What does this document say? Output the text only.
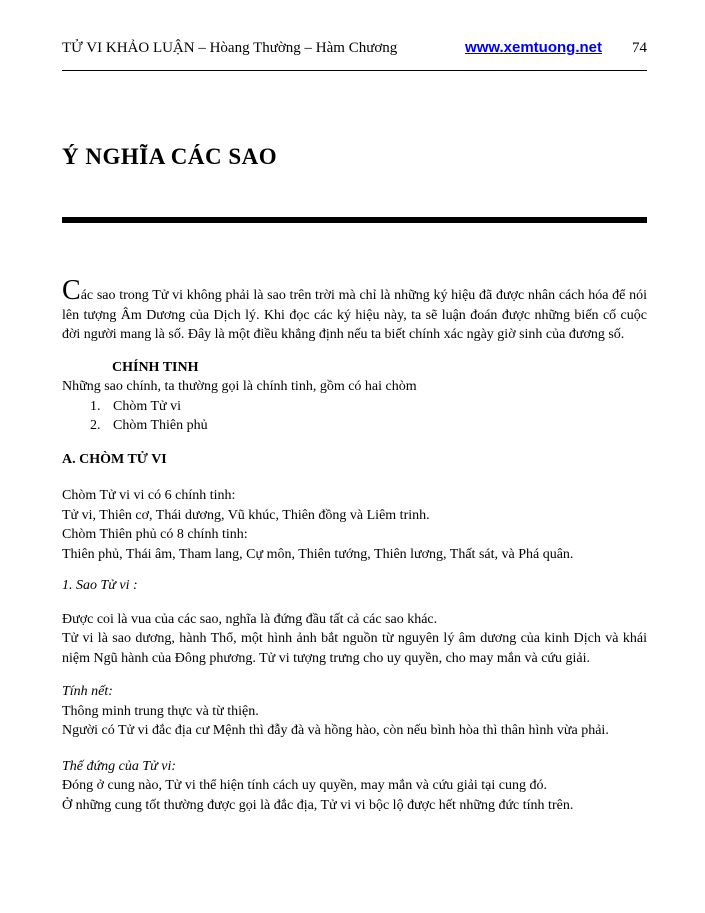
TỬ VI KHẢO LUẬN – Hòang Thường – Hàm Chương	www.xemtuong.net 74
Ý NGHĨA CÁC SAO

Các sao trong Tử vi không phải là sao trên trời mà chỉ là những ký hiệu đã được nhân cách hóa để nói lên tượng Âm Dương của Dịch lý. Khi đọc các ký hiệu này, ta sẽ luận đoán được những biến cố cuộc đời người mang là số. Đây là một điều khẳng định nếu ta biết chính xác ngày giờ sinh của đương số.

CHÍNH TINH
Những sao chính, ta thường gọi là chính tinh, gồm có hai chòm
1. Chòm Tử vi
2. Chòm Thiên phủ
A. CHÒM TỬ VI
Chòm Tử vi vi có 6 chính tinh:
Tử vi, Thiên cơ, Thái dương, Vũ khúc, Thiên đồng và Liêm trinh.
Chòm Thiên phủ có 8 chính tinh:
Thiên phủ, Thái âm, Tham lang, Cự môn, Thiên tướng, Thiên lương, Thất sát, và Phá quân.
1. Sao Tử vi :
Được coi là vua của các sao, nghĩa là đứng đầu tất cả các sao khác.
Tử vi là sao dương, hành Thổ, một hình ảnh bắt nguồn từ nguyên lý âm dương của kinh Dịch và khái niệm Ngũ hành của Đông phương. Tử vi tượng trưng cho uy quyền, cho may mắn và cứu giải.
Tính nết:
Thông minh trung thực và từ thiện.
Người có Tử vi đắc địa cư Mệnh thì đẫy đà và hồng hào, còn nếu bình hòa thì thân hình vừa phải.
Thế đứng của Tử vi:
Đóng ở cung nào, Tử vi thể hiện tính cách uy quyền, may mắn và cứu giải tại cung đó.
Ở những cung tốt thường được gọi là đắc địa, Tử vi vi bộc lộ được hết những đức tính trên.
